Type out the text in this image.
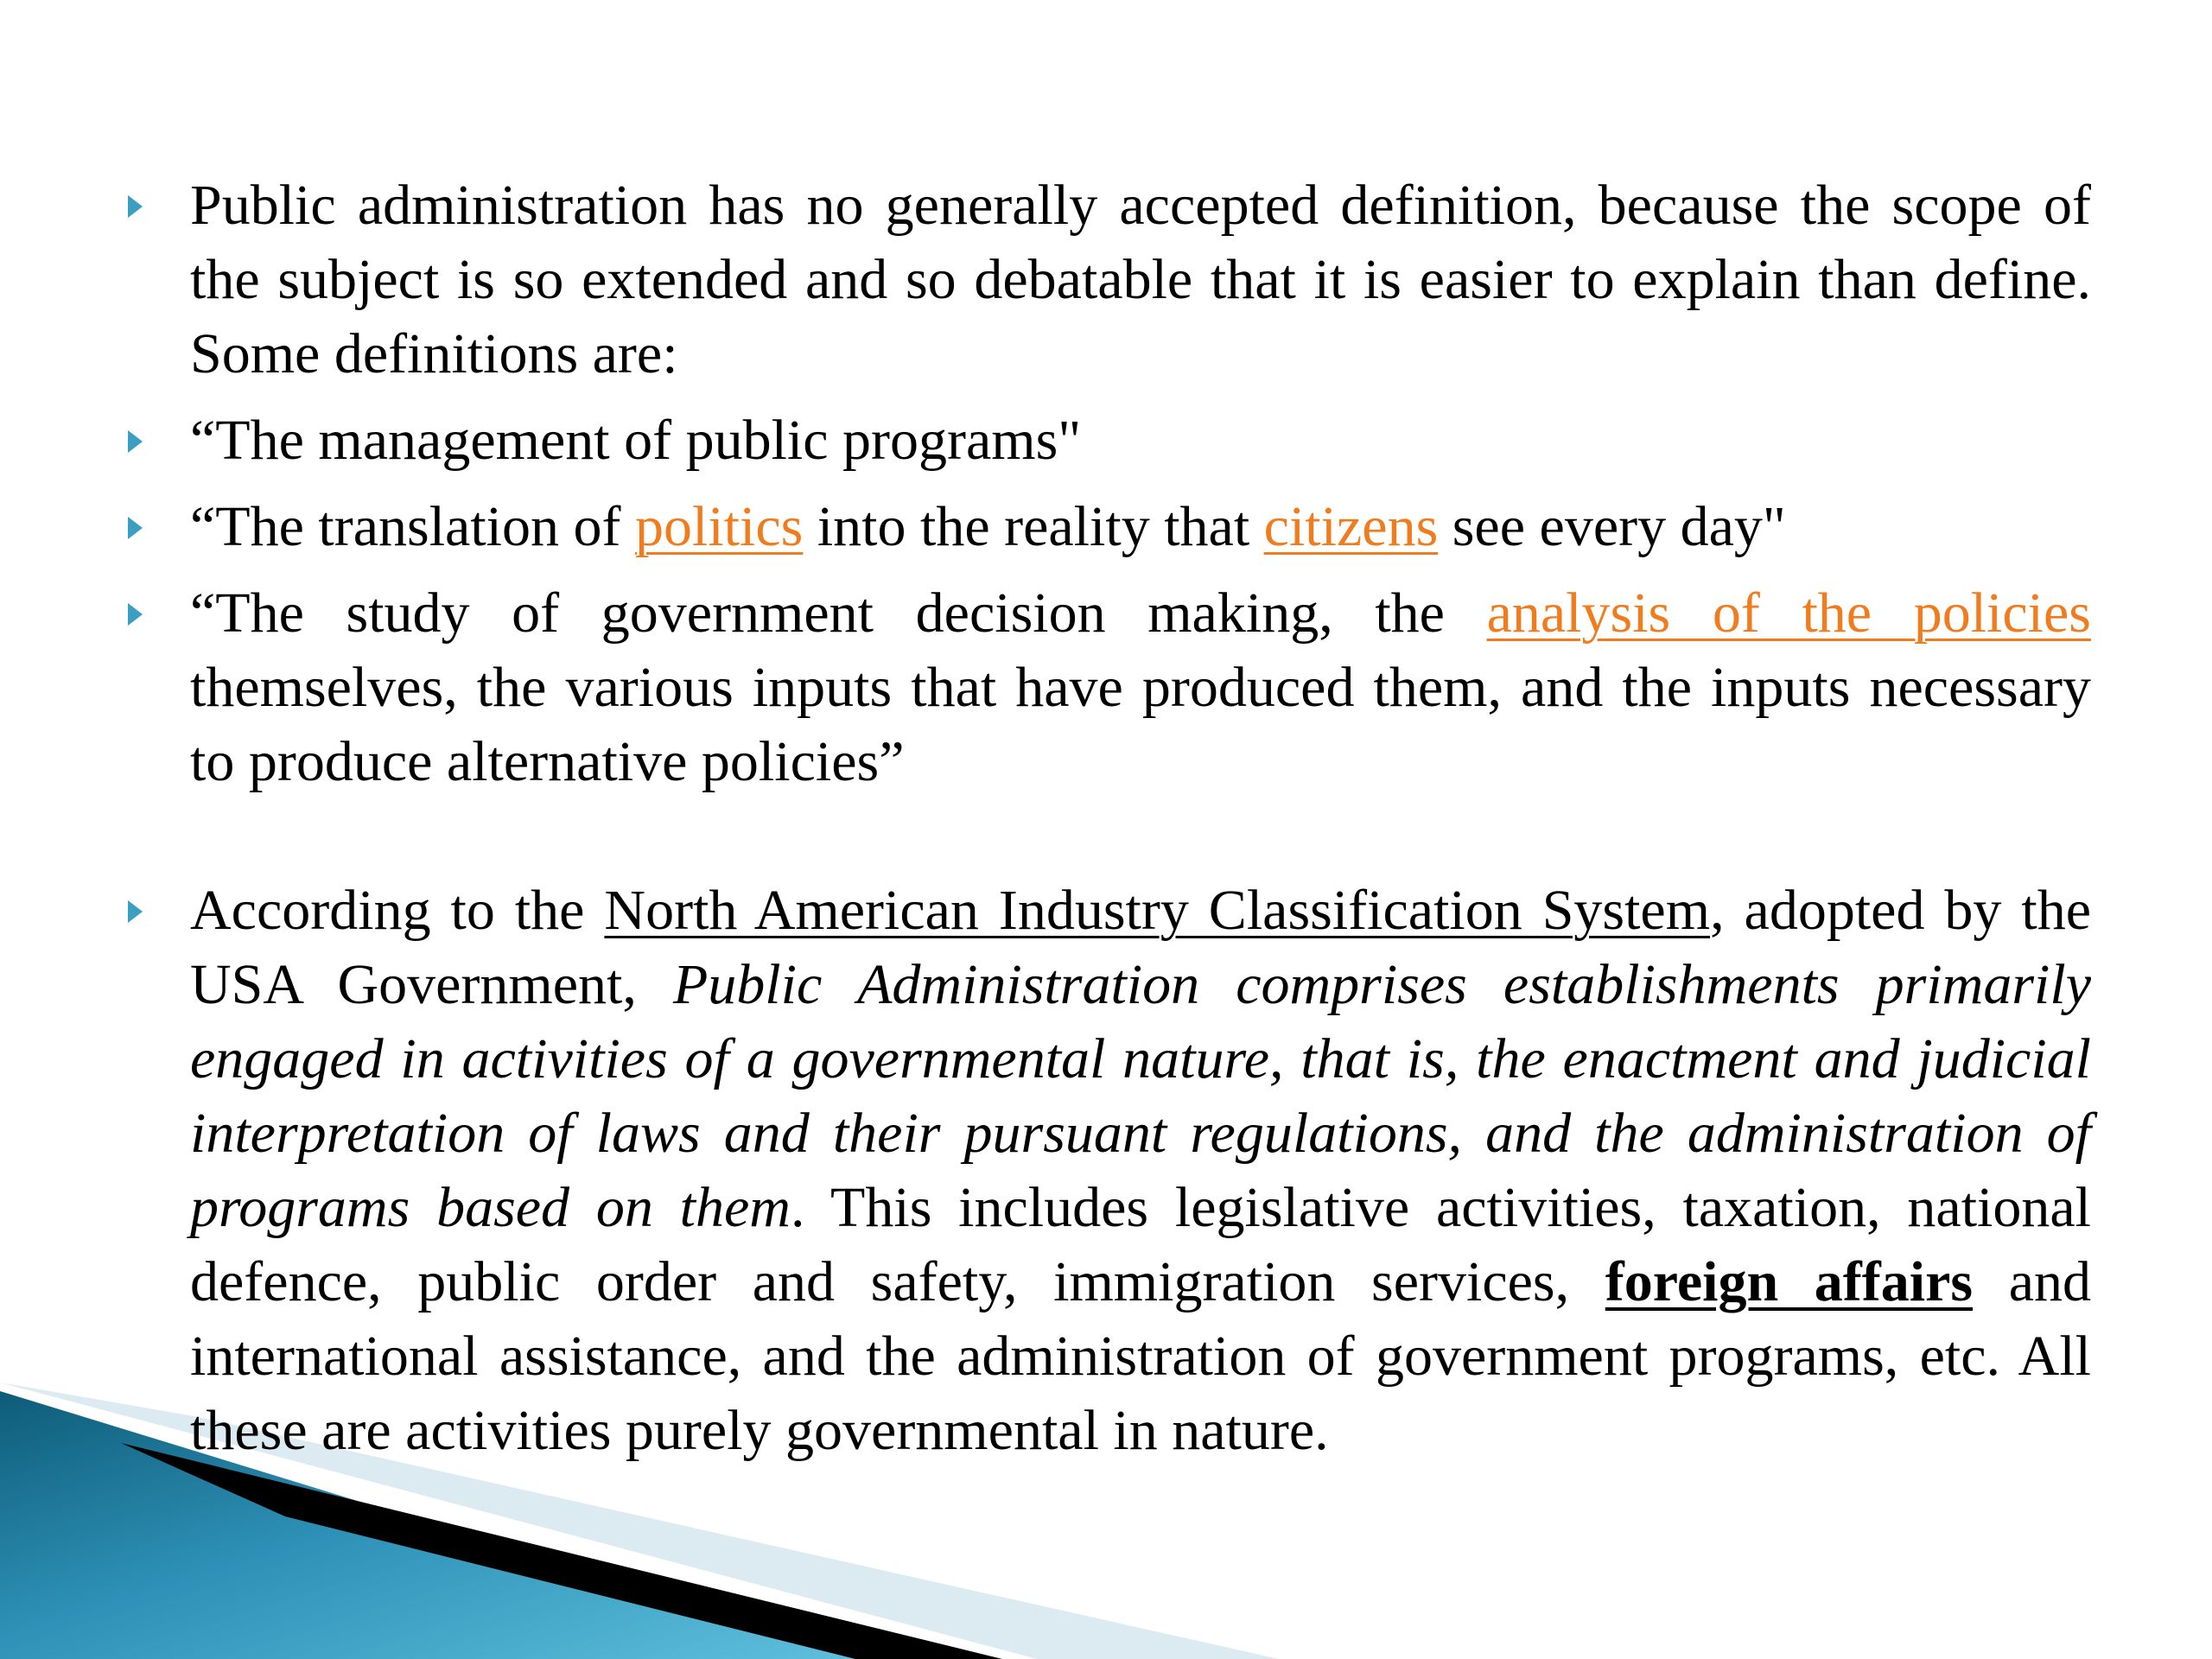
Public administration has no generally accepted definition, because the scope of the subject is so extended and so debatable that it is easier to explain than define. Some definitions are:
“The management of public programs"
“The translation of politics into the reality that citizens see every day"
“The study of government decision making, the analysis of the policies themselves, the various inputs that have produced them, and the inputs necessary to produce alternative policies”
According to the North American Industry Classification System, adopted by the USA Government, Public Administration comprises establishments primarily engaged in activities of a governmental nature, that is, the enactment and judicial interpretation of laws and their pursuant regulations, and the administration of programs based on them. This includes legislative activities, taxation, national defence, public order and safety, immigration services, foreign affairs and international assistance, and the administration of government programs, etc. All these are activities purely governmental in nature.
